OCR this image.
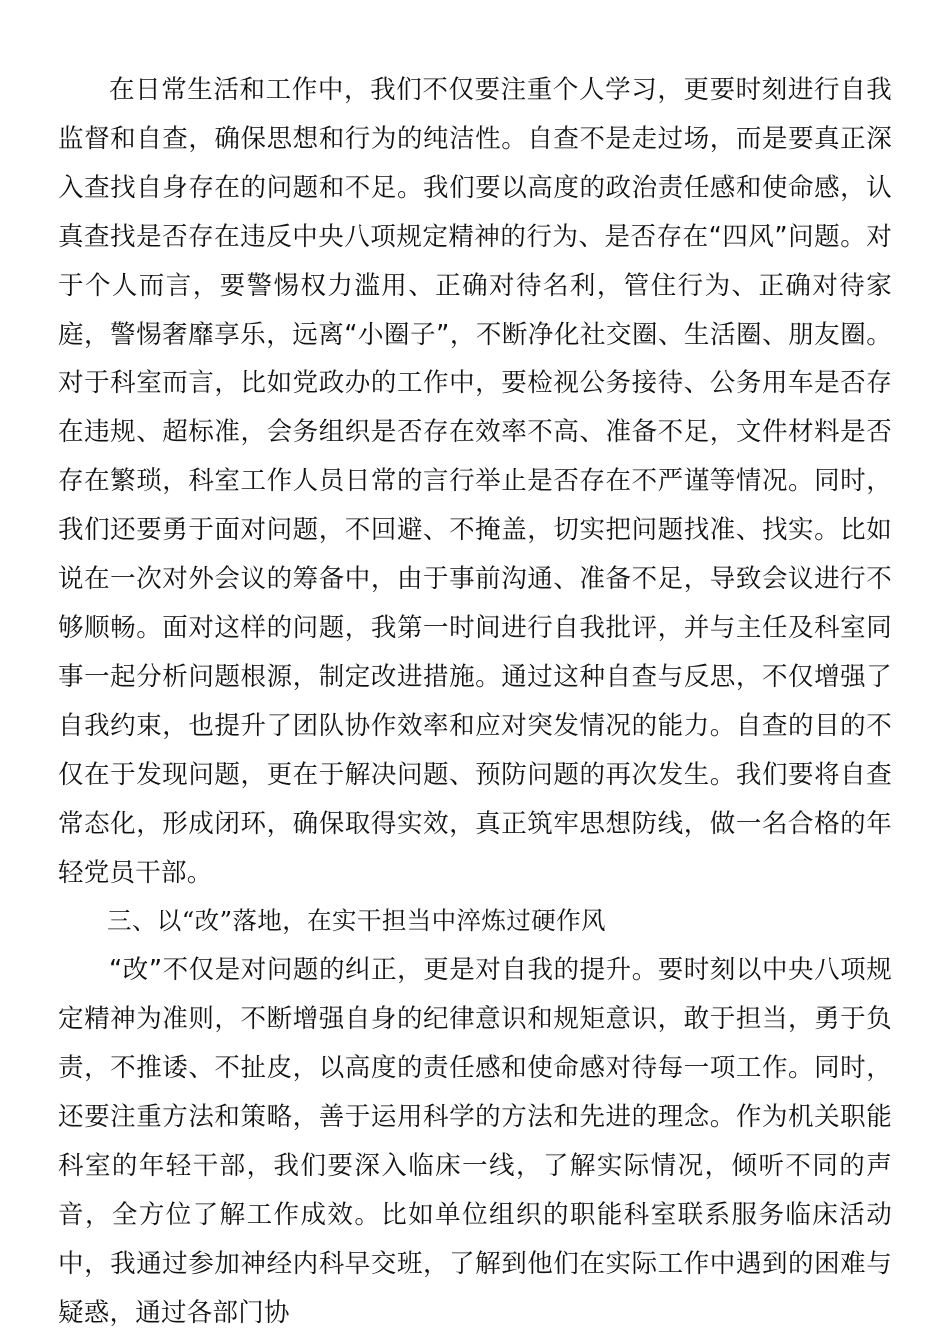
在日常生活和工作中，我们不仅要注重个人学习，更要时刻进行自我监督和自查，确保思想和行为的纯洁性。自查不是走过场，而是要真正深入查找自身存在的问题和不足。我们要以高度的政治责任感和使命感，认真查找是否存在违反中央八项规定精神的行为、是否存在“四风”问题。对于个人而言，要警惕权力滥用、正确对待名利，管住行为、正确对待家庭，警惕奢靡享乐，远离“小圈子”，不断净化社交圈、生活圈、朋友圈。对于科室而言，比如党政办的工作中，要检视公务接待、公务用车是否存在违规、超标准，会务组织是否存在效率不高、准备不足，文件材料是否存在繁琐，科室工作人员日常的言行举止是否存在不严谨等情况。同时，我们还要勇于面对问题，不回避、不掩盖，切实把问题找准、找实。比如说在一次对外会议的筹备中，由于事前沟通、准备不足，导致会议进行不够顺畅。面对这样的问题，我第一时间进行自我批评，并与主任及科室同事一起分析问题根源，制定改进措施。通过这种自查与反思，不仅增强了自我约束，也提升了团队协作效率和应对突发情况的能力。自查的目的不仅在于发现问题，更在于解决问题、预防问题的再次发生。我们要将自查常态化，形成闭环，确保取得实效，真正筑牢思想防线，做一名合格的年轻党员干部。

三、以“改”落地，在实干担当中淬炼过硬作风

“改”不仅是对问题的纠正，更是对自我的提升。要时刻以中央八项规定精神为准则，不断增强自身的纪律意识和规矩意识，敢于担当，勇于负责，不推诿、不扯皮，以高度的责任感和使命感对待每一项工作。同时，还要注重方法和策略，善于运用科学的方法和先进的理念。作为机关职能科室的年轻干部，我们要深入临床一线，了解实际情况，倾听不同的声音，全方位了解工作成效。比如单位组织的职能科室联系服务临床活动中，我通过参加神经内科早交班，了解到他们在实际工作中遇到的困难与疑惑，通过各部门协
